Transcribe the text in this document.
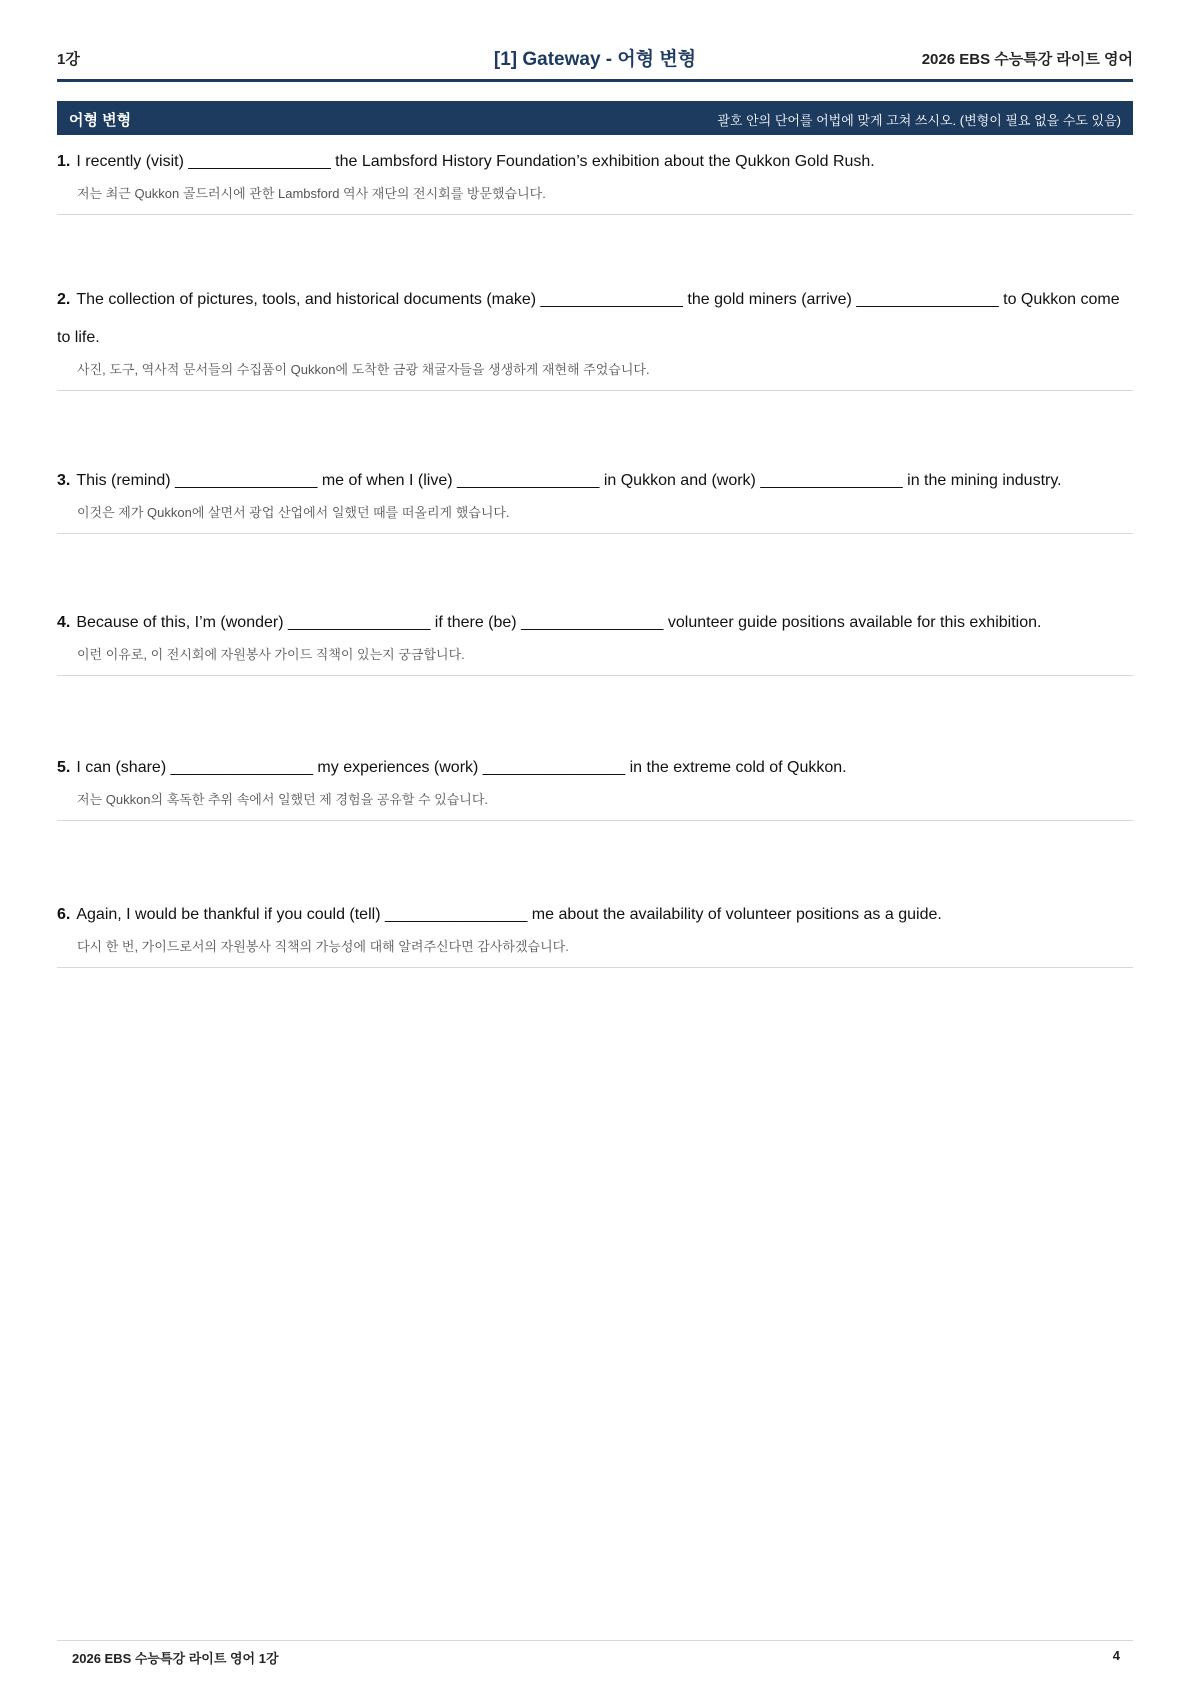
1강	[1] Gateway - 어형 변형	2026 EBS 수능특강 라이트 영어
어형 변형	괄호 안의 단어를 어법에 맞게 고쳐 쓰시오. (변형이 필요 없을 수도 있음)
1. I recently (visit) ________________ the Lambsford History Foundation’s exhibition about the Qukkon Gold Rush.
저는 최근 Qukkon 골드러시에 관한 Lambsford 역사 재단의 전시회를 방문했습니다.
2. The collection of pictures, tools, and historical documents (make) ________________ the gold miners (arrive) ________________ to Qukkon come to life.
사진, 도구, 역사적 문서들의 수집품이 Qukkon에 도착한 금광 채굴자들을 생생하게 재현해 주었습니다.
3. This (remind) ________________ me of when I (live) ________________ in Qukkon and (work) ________________ in the mining industry.
이것은 제가 Qukkon에 살면서 광업 산업에서 일했던 때를 떠올리게 했습니다.
4. Because of this, I’m (wonder) ________________ if there (be) ________________ volunteer guide positions available for this exhibition.
이런 이유로, 이 전시회에 자원봉사 가이드 직책이 있는지 궁금합니다.
5. I can (share) ________________ my experiences (work) ________________ in the extreme cold of Qukkon.
저는 Qukkon의 혹독한 추위 속에서 일했던 제 경험을 공유할 수 있습니다.
6. Again, I would be thankful if you could (tell) ________________ me about the availability of volunteer positions as a guide.
다시 한 번, 가이드로서의 자원봉사 직책의 가능성에 대해 알려주신다면 감사하겠습니다.
2026 EBS 수능특강 라이트 영어 1강	4
